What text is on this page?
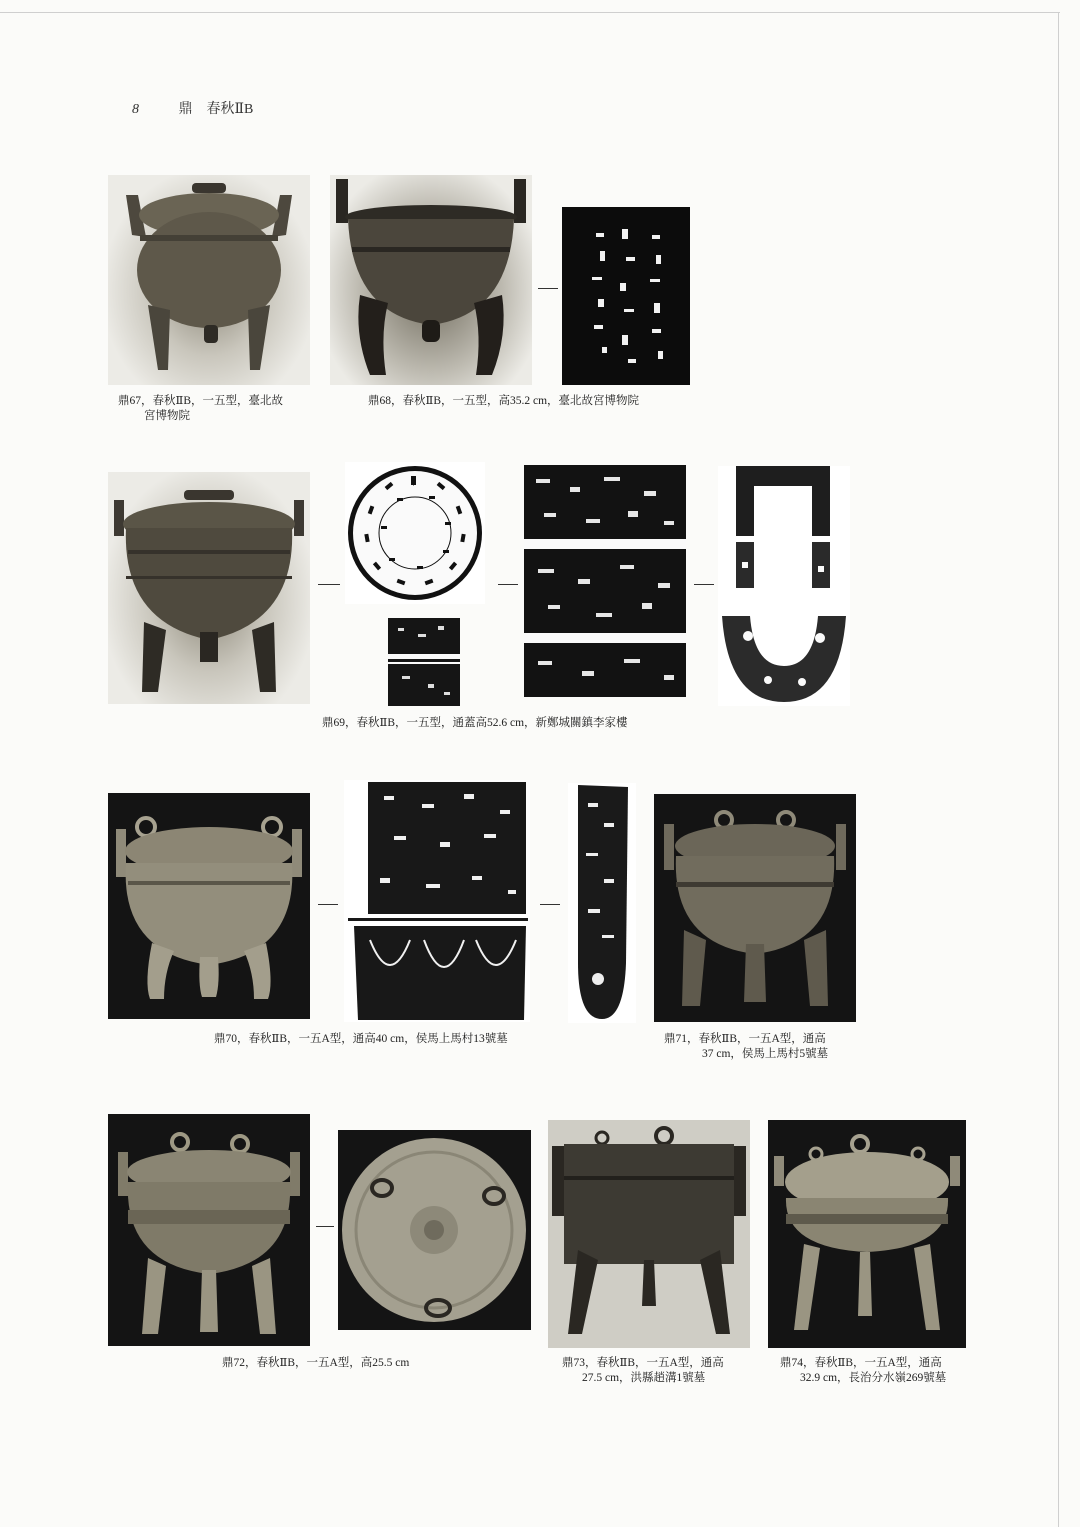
8	鼎　春秋ⅡB
鼎67，春秋ⅡB，一五型，臺北故
宮博物院
鼎68，春秋ⅡB，一五型，高35.2 cm，臺北故宮博物院
鼎69，春秋ⅡB，一五型，通蓋高52.6 cm，新鄭城關鎮李家樓
鼎70，春秋ⅡB，一五A型，通高40 cm，侯馬上馬村13號墓	鼎71，春秋ⅡB，一五A型，通高
37 cm，侯馬上馬村5號墓
鼎72，春秋ⅡB，一五A型，高25.5 cm	鼎73，春秋ⅡB，一五A型，通高
27.5 cm，洪縣趙溝1號墓
鼎74，春秋ⅡB，一五A型，通高
32.9 cm，長治分水嶺269號墓
